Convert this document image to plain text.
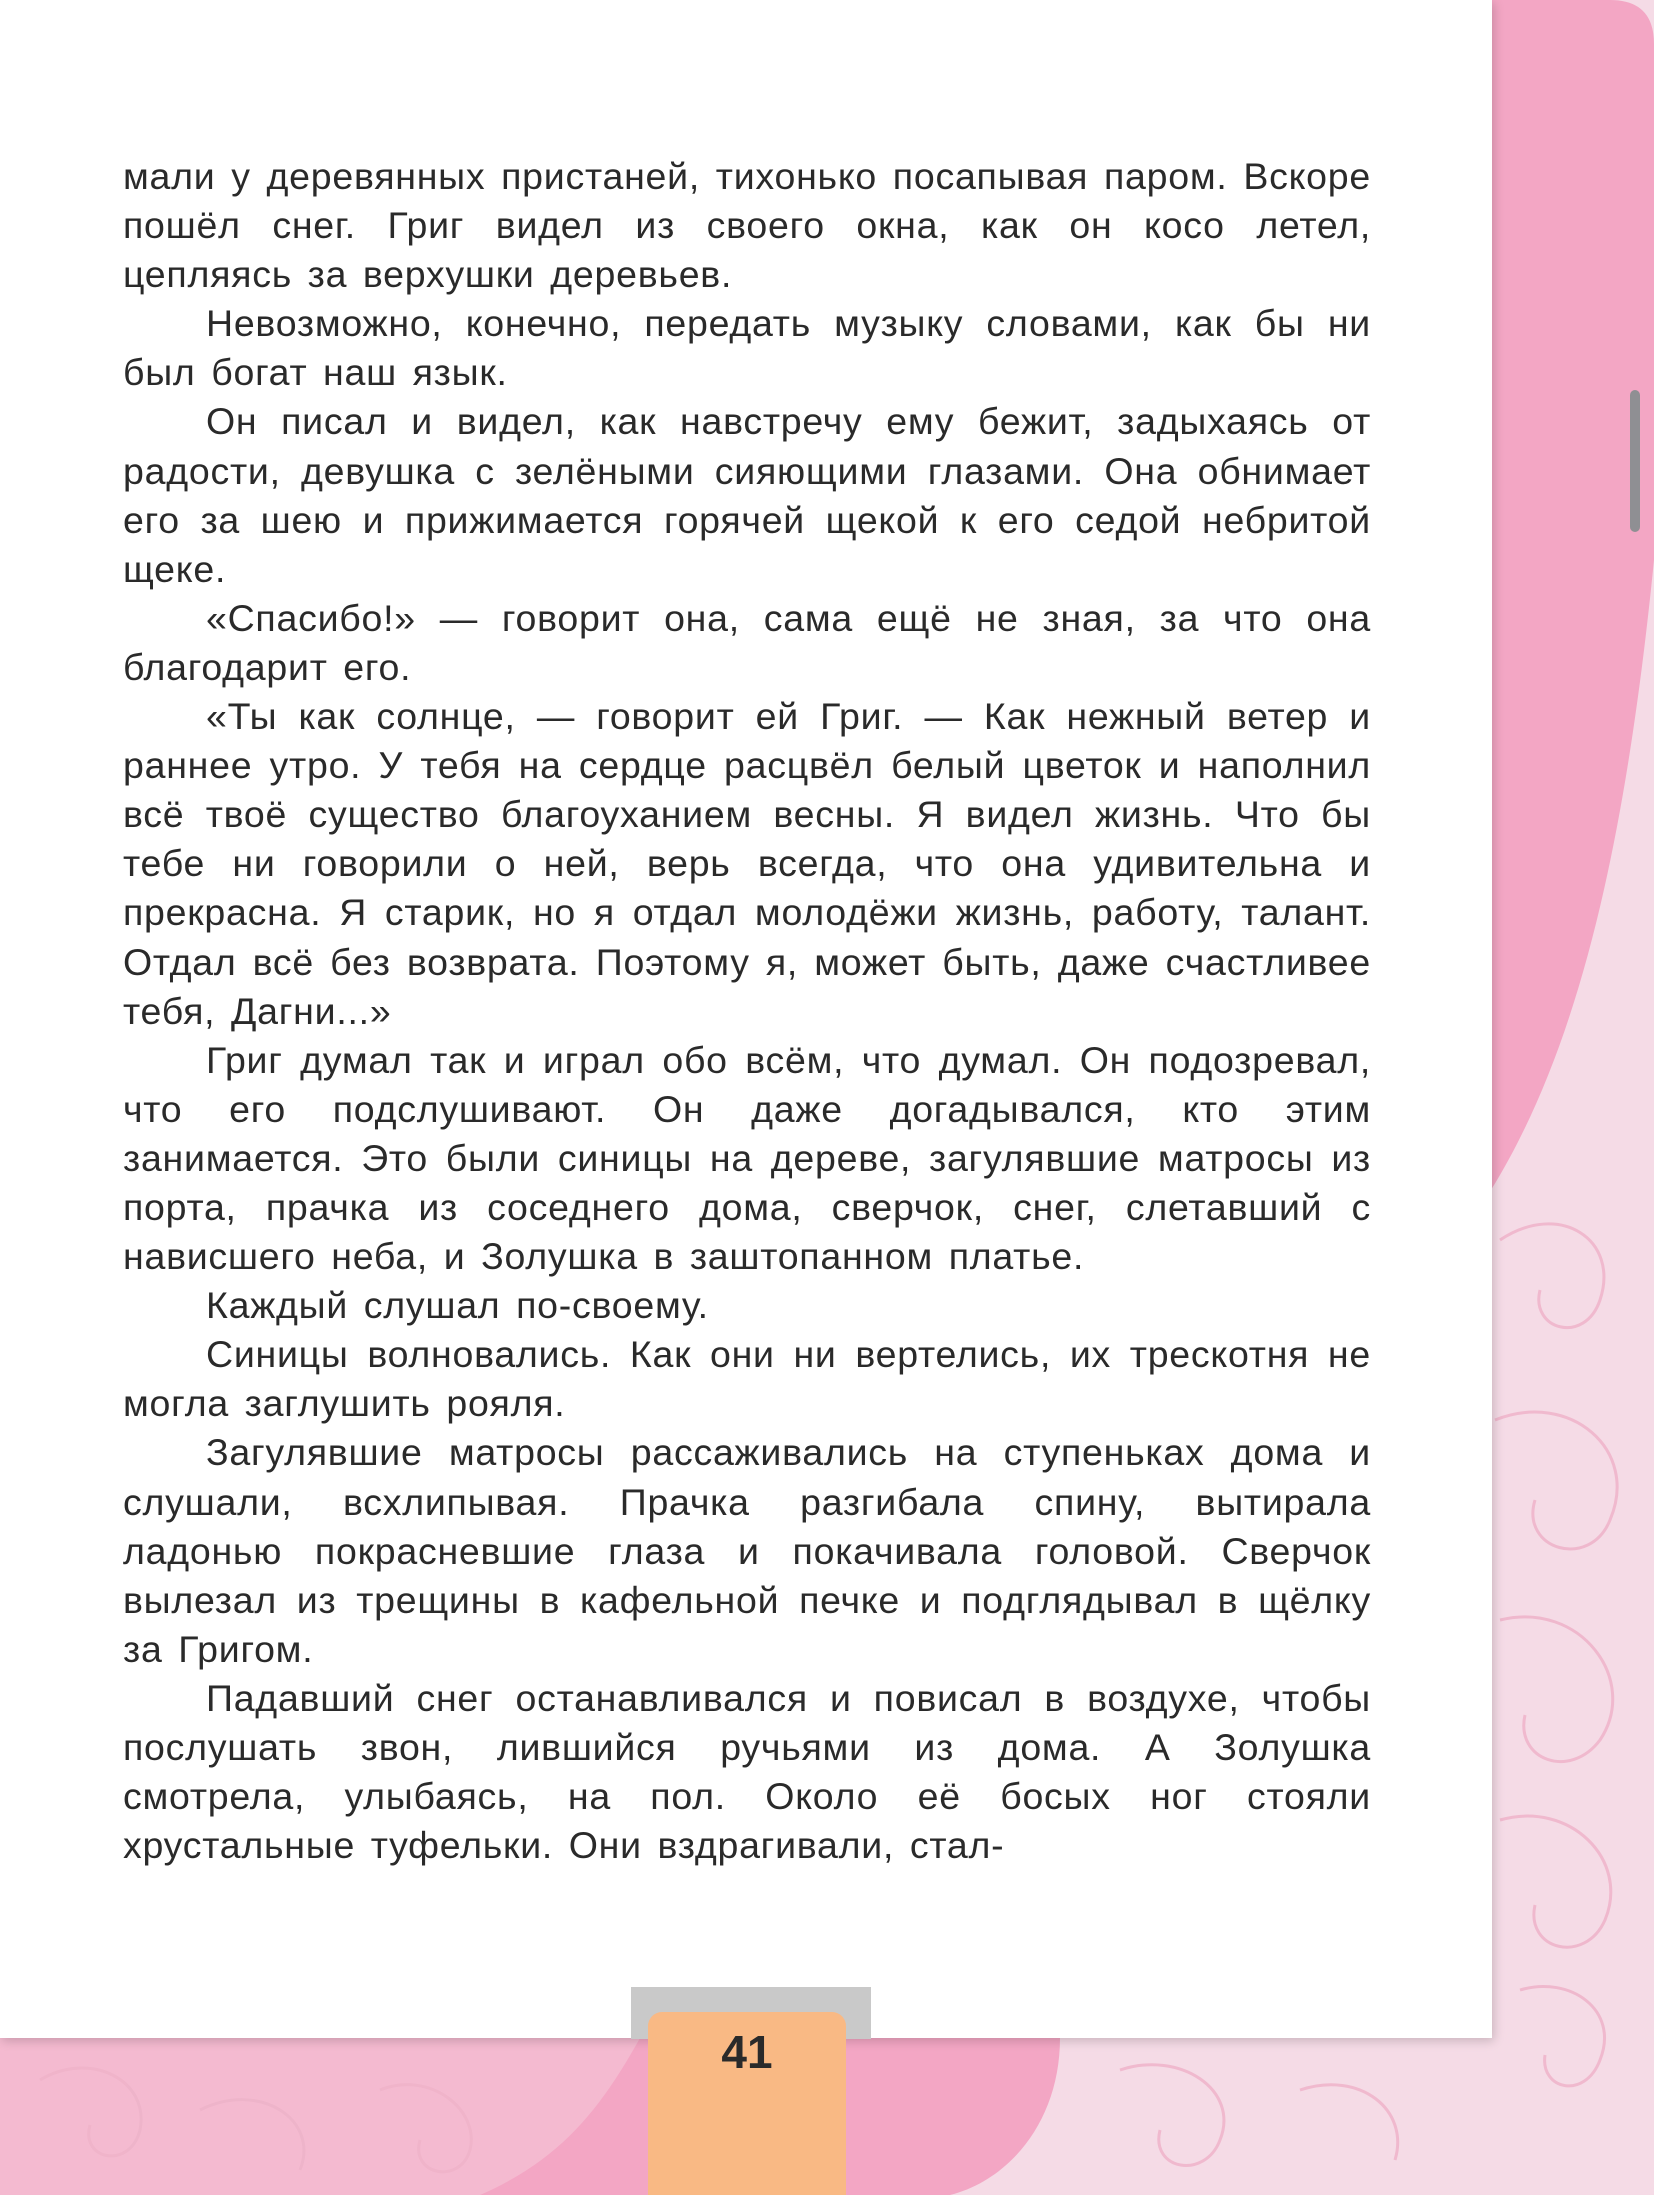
мали у деревянных пристаней, тихонько посапывая паром. Вскоре пошёл снег. Григ видел из своего окна, как он косо летел, цепляясь за верхушки деревьев.

Невозможно, конечно, передать музыку словами, как бы ни был богат наш язык.

Он писал и видел, как навстречу ему бежит, задыхаясь от радости, девушка с зелёными сияющими глазами. Она обнимает его за шею и прижимается горячей щекой к его седой небритой щеке.

«Спасибо!» — говорит она, сама ещё не зная, за что она благодарит его.

«Ты как солнце, — говорит ей Григ. — Как нежный ветер и раннее утро. У тебя на сердце расцвёл белый цветок и наполнил всё твоё существо благоуханием весны. Я видел жизнь. Что бы тебе ни говорили о ней, верь всегда, что она удивительна и прекрасна. Я старик, но я отдал молодёжи жизнь, работу, талант. Отдал всё без возврата. Поэтому я, может быть, даже счастливее тебя, Дагни...»

Григ думал так и играл обо всём, что думал. Он подозревал, что его подслушивают. Он даже догадывался, кто этим занимается. Это были синицы на дереве, загулявшие матросы из порта, прачка из соседнего дома, сверчок, снег, слетавший с нависшего неба, и Золушка в заштопанном платье.

Каждый слушал по-своему.

Синицы волновались. Как они ни вертелись, их трескотня не могла заглушить рояля.

Загулявшие матросы рассаживались на ступеньках дома и слушали, всхлипывая. Прачка разгибала спину, вытирала ладонью покрасневшие глаза и покачивала головой. Сверчок вылезал из трещины в кафельной печке и подглядывал в щёлку за Григом.

Падавший снег останавливался и повисал в воздухе, чтобы послушать звон, лившийся ручьями из дома. А Золушка смотрела, улыбаясь, на пол. Около её босых ног стояли хрустальные туфельки. Они вздрагивали, стал-

41
